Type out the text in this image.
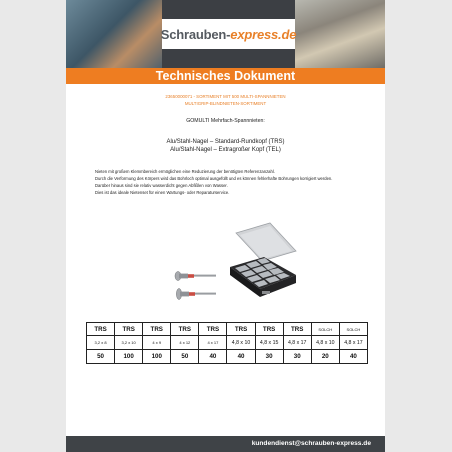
Schrauben- express.de
Technisches Dokument
23650000071 - SORTIMENT MIT 500 MULTI-SPANNNIETEN
MULTIGRIP-BLINDNIETEN-SORTIMENT
GOMULTI Mehrfach-Spannnieten:
Alu/Stahl-Nagel – Standard-Rundkopf (TRS)
Alu/Stahl-Nagel – Extragroßer Kopf (TEL)
Nieten mit großem Klemmbereich ermöglichen eine Reduzierung der benötigten Referenzanzahl.
Durch die Verformung des Körpers wird das Bohrloch optimal ausgefüllt und es können fehlerhafte Bohrungen korrigiert werden.
Darüber hinaus sind sie relativ wasserdicht gegen Abfißlen von Wasser.
Dies ist das ideale Nietenset für einen Wartungs- oder Reparaturservice.
TRS	TRS	TRS	TRS	TRS	TRS	TRS	TRS	SOLCH	SOLCH
3,2 x 8	3,2 x 10	4 x 9	4 x 12	4 x 17	4,8 x 10	4,8 x 15	4,8 x 17	4,8 x 10	4,8 x 17
50	100	100	50	40	40	30	30	20	40
kundendienst@schrauben-express.de
